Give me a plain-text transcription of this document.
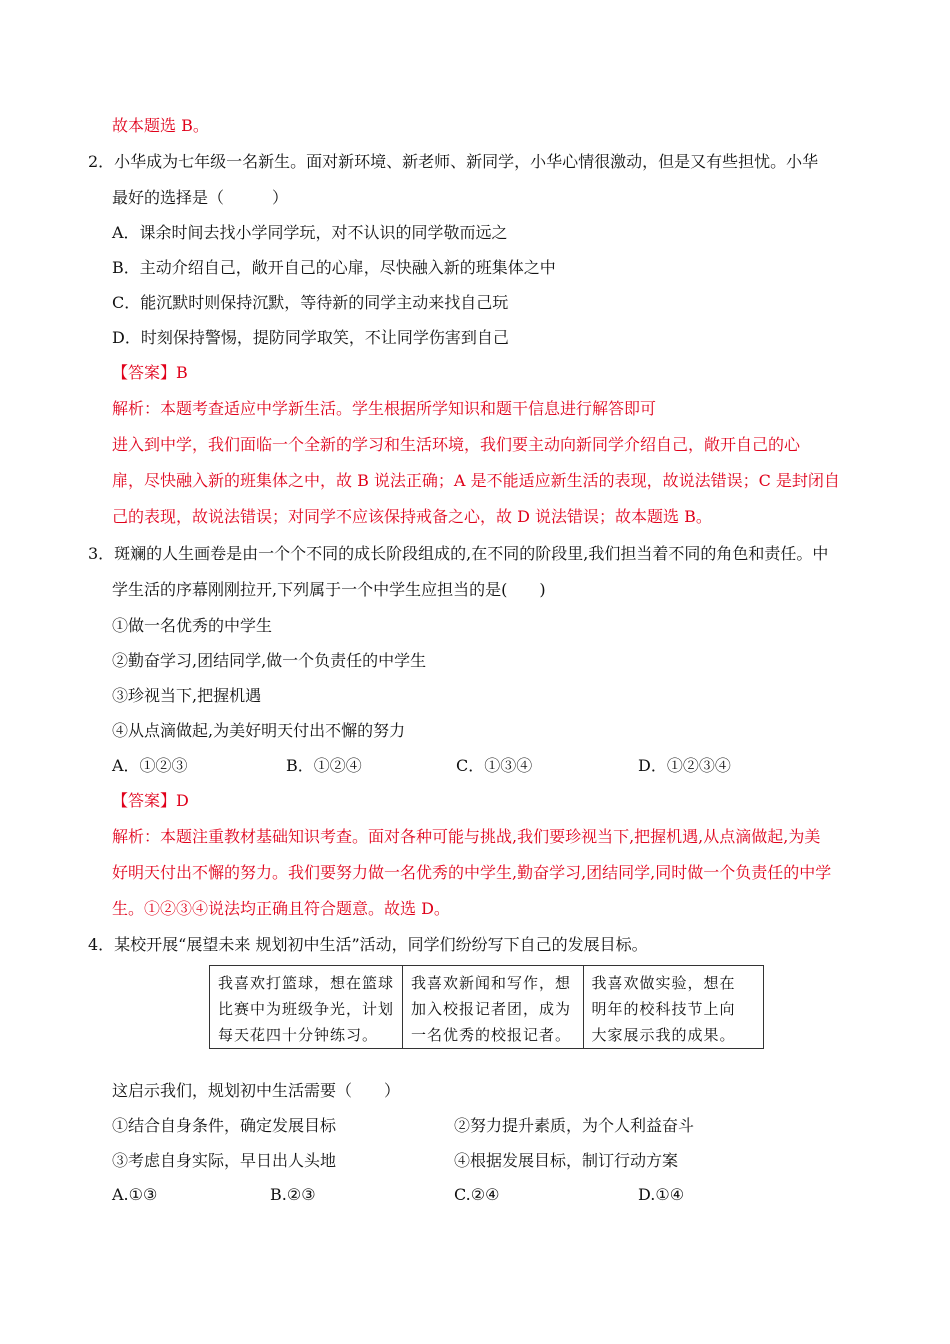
故本题选 B。
2．小华成为七年级一名新生。面对新环境、新老师、新同学，小华心情很激动，但是又有些担忧。小华
最好的选择是（　　　）
A．课余时间去找小学同学玩，对不认识的同学敬而远之
B．主动介绍自己，敞开自己的心扉，尽快融入新的班集体之中
C．能沉默时则保持沉默，等待新的同学主动来找自己玩
D．时刻保持警惕，提防同学取笑，不让同学伤害到自己
【答案】B
解析：本题考查适应中学新生活。学生根据所学知识和题干信息进行解答即可
进入到中学，我们面临一个全新的学习和生活环境，我们要主动向新同学介绍自己，敞开自己的心
扉，尽快融入新的班集体之中，故 B 说法正确；A 是不能适应新生活的表现，故说法错误；C 是封闭自
己的表现，故说法错误；对同学不应该保持戒备之心，故 D 说法错误；故本题选 B。
3．斑斓的人生画卷是由一个个不同的成长阶段组成的,在不同的阶段里,我们担当着不同的角色和责任。中
学生活的序幕刚刚拉开,下列属于一个中学生应担当的是(　　)
①做一名优秀的中学生
②勤奋学习,团结同学,做一个负责任的中学生
③珍视当下,把握机遇
④从点滴做起,为美好明天付出不懈的努力
A．①②③	B．①②④	C．①③④	D．①②③④
【答案】D
解析：本题注重教材基础知识考查。面对各种可能与挑战,我们要珍视当下,把握机遇,从点滴做起,为美
好明天付出不懈的努力。我们要努力做一名优秀的中学生,勤奋学习,团结同学,同时做一个负责任的中学
生。①②③④说法均正确且符合题意。故选 D。
4．某校开展“展望未来 规划初中生活”活动，同学们纷纷写下自己的发展目标。
我喜欢打篮球，想在篮球
比赛中为班级争光，计划
每天花四十分钟练习。
我喜欢新闻和写作，想
加入校报记者团，成为
一名优秀的校报记者。
我喜欢做实验，想在
明年的校科技节上向
大家展示我的成果。
这启示我们，规划初中生活需要（　　）
①结合自身条件，确定发展目标	②努力提升素质，为个人利益奋斗
③考虑自身实际，早日出人头地	④根据发展目标，制订行动方案
A.①③	B.②③	C.②④	D.①④
